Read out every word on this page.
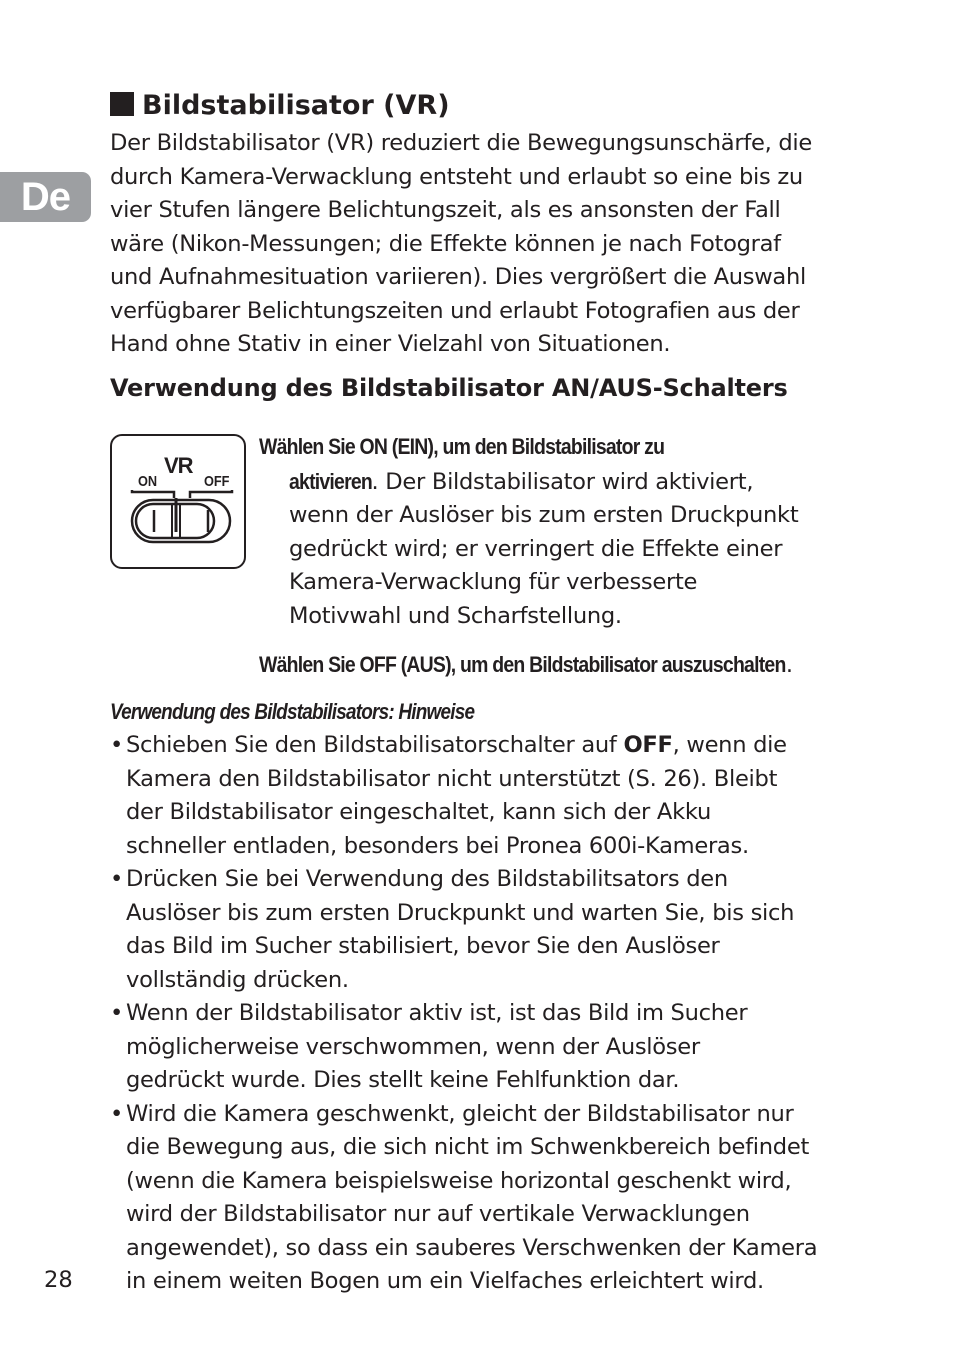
De
Bildstabilisator (VR)
Der Bildstabilisator (VR) reduziert die Bewegungsunschärfe, die
durch Kamera-Verwacklung entsteht und erlaubt so eine bis zu
vier Stufen längere Belichtungszeit, als es ansonsten der Fall
wäre (Nikon-Messungen; die Effekte können je nach Fotograf
und Aufnahmesituation variieren). Dies vergrößert die Auswahl
verfügbarer Belichtungszeiten und erlaubt Fotografien aus der
Hand ohne Stativ in einer Vielzahl von Situationen.
Verwendung des Bildstabilisator AN/AUS-Schalters
VR
ON	OFF
Wählen Sie ON (EIN), um den Bildstabilisator zu
aktivieren. Der Bildstabilisator wird aktiviert,
wenn der Auslöser bis zum ersten Druckpunkt
gedrückt wird; er verringert die Effekte einer
Kamera-Verwacklung für verbesserte
Motivwahl und Scharfstellung.
Wählen Sie OFF (AUS), um den Bildstabilisator auszuschalten.
Verwendung des Bildstabilisators: Hinweise
• Schieben Sie den Bildstabilisatorschalter auf OFF, wenn die
Kamera den Bildstabilisator nicht unterstützt (S. 26). Bleibt
der Bildstabilisator eingeschaltet, kann sich der Akku
schneller entladen, besonders bei Pronea 600i-Kameras.
• Drücken Sie bei Verwendung des Bildstabilitsators den
Auslöser bis zum ersten Druckpunkt und warten Sie, bis sich
das Bild im Sucher stabilisiert, bevor Sie den Auslöser
vollständig drücken.
• Wenn der Bildstabilisator aktiv ist, ist das Bild im Sucher
möglicherweise verschwommen, wenn der Auslöser
gedrückt wurde. Dies stellt keine Fehlfunktion dar.
• Wird die Kamera geschwenkt, gleicht der Bildstabilisator nur
die Bewegung aus, die sich nicht im Schwenkbereich befindet
(wenn die Kamera beispielsweise horizontal geschenkt wird,
wird der Bildstabilisator nur auf vertikale Verwacklungen
angewendet), so dass ein sauberes Verschwenken der Kamera
in einem weiten Bogen um ein Vielfaches erleichtert wird.
28
